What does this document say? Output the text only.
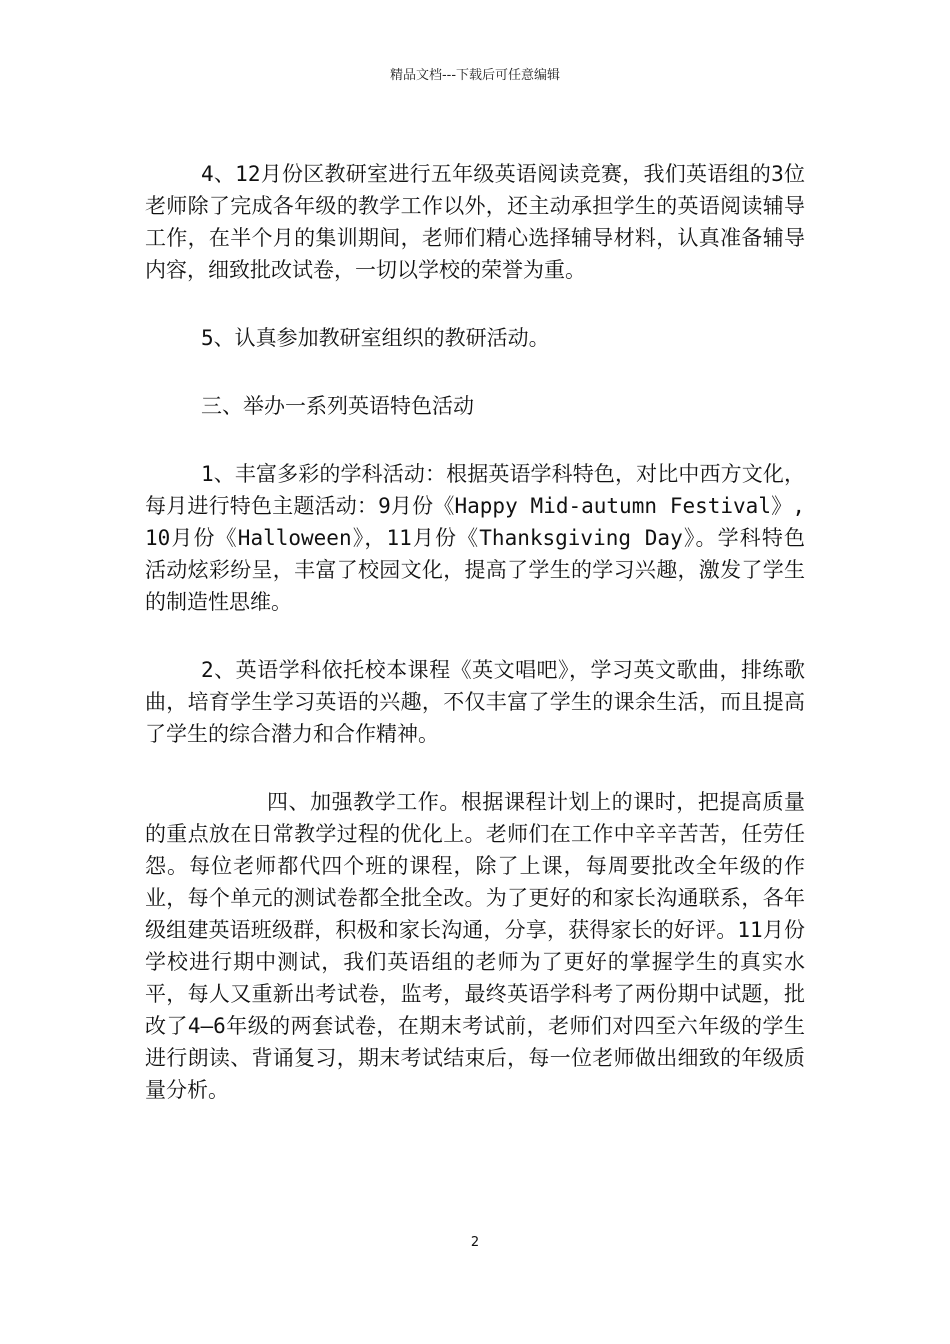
精品文档---下载后可任意编辑

4、12月份区教研室进行五年级英语阅读竞赛，我们英语组的3位老师除了完成各年级的教学工作以外，还主动承担学生的英语阅读辅导工作，在半个月的集训期间，老师们精心选择辅导材料，认真准备辅导内容，细致批改试卷，一切以学校的荣誉为重。

5、认真参加教研室组织的教研活动。

三、举办一系列英语特色活动

1、丰富多彩的学科活动：根据英语学科特色，对比中西方文化，每月进行特色主题活动：9月份《Happy Mid-autumn Festival》,10月份《Halloween》，11月份《Thanksgiving Day》。学科特色活动炫彩纷呈，丰富了校园文化，提高了学生的学习兴趣，激发了学生的制造性思维。

2、英语学科依托校本课程《英文唱吧》，学习英文歌曲，排练歌曲，培育学生学习英语的兴趣，不仅丰富了学生的课余生活，而且提高了学生的综合潜力和合作精神。

四、加强教学工作。根据课程计划上的课时，把提高质量的重点放在日常教学过程的优化上。老师们在工作中辛辛苦苦，任劳任怨。每位老师都代四个班的课程，除了上课，每周要批改全年级的作业，每个单元的测试卷都全批全改。为了更好的和家长沟通联系，各年级组建英语班级群，积极和家长沟通，分享，获得家长的好评。11月份学校进行期中测试，我们英语组的老师为了更好的掌握学生的真实水平，每人又重新出考试卷，监考，最终英语学科考了两份期中试题，批改了4—6年级的两套试卷，在期末考试前，老师们对四至六年级的学生进行朗读、背诵复习，期末考试结束后，每一位老师做出细致的年级质量分析。

2
